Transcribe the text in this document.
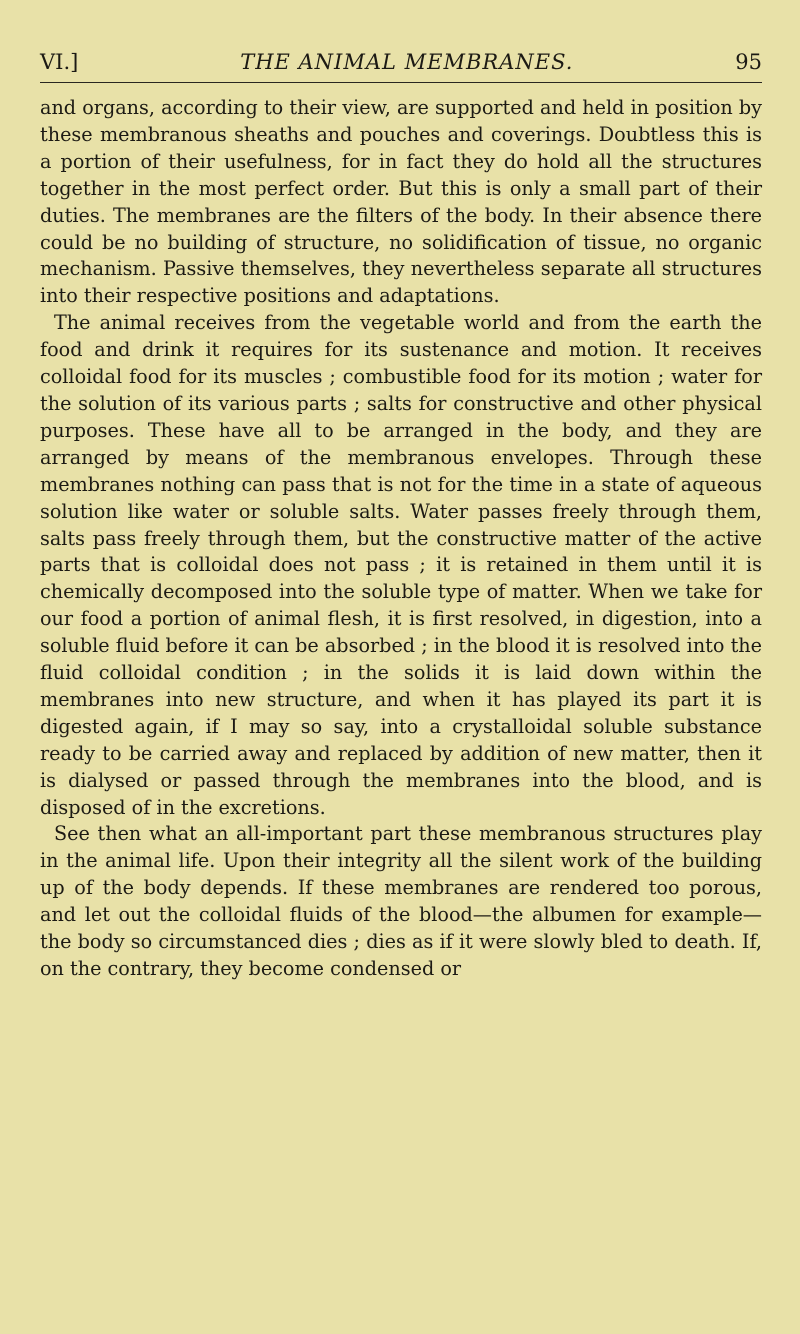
VI.]	THE ANIMAL MEMBRANES.	95

and organs, according to their view, are supported and held in position by these membranous sheaths and pouches and coverings. Doubtless this is a portion of their usefulness, for in fact they do hold all the structures together in the most perfect order. But this is only a small part of their duties. The membranes are the filters of the body. In their absence there could be no building of structure, no solidification of tissue, no organic mechanism. Passive themselves, they nevertheless separate all structures into their respective positions and adaptations.

The animal receives from the vegetable world and from the earth the food and drink it requires for its sustenance and motion. It receives colloidal food for its muscles ; combustible food for its motion ; water for the solution of its various parts ; salts for constructive and other physical purposes. These have all to be arranged in the body, and they are arranged by means of the membranous envelopes. Through these membranes nothing can pass that is not for the time in a state of aqueous solution like water or soluble salts. Water passes freely through them, salts pass freely through them, but the constructive matter of the active parts that is colloidal does not pass ; it is retained in them until it is chemically decomposed into the soluble type of matter. When we take for our food a portion of animal flesh, it is first resolved, in digestion, into a soluble fluid before it can be absorbed ; in the blood it is resolved into the fluid colloidal condition ; in the solids it is laid down within the membranes into new structure, and when it has played its part it is digested again, if I may so say, into a crystalloidal soluble substance ready to be carried away and replaced by addition of new matter, then it is dialysed or passed through the membranes into the blood, and is disposed of in the excretions.

See then what an all-important part these membranous structures play in the animal life. Upon their integrity all the silent work of the building up of the body depends. If these membranes are rendered too porous, and let out the colloidal fluids of the blood—the albumen for example—the body so circumstanced dies ; dies as if it were slowly bled to death. If, on the contrary, they become condensed or
